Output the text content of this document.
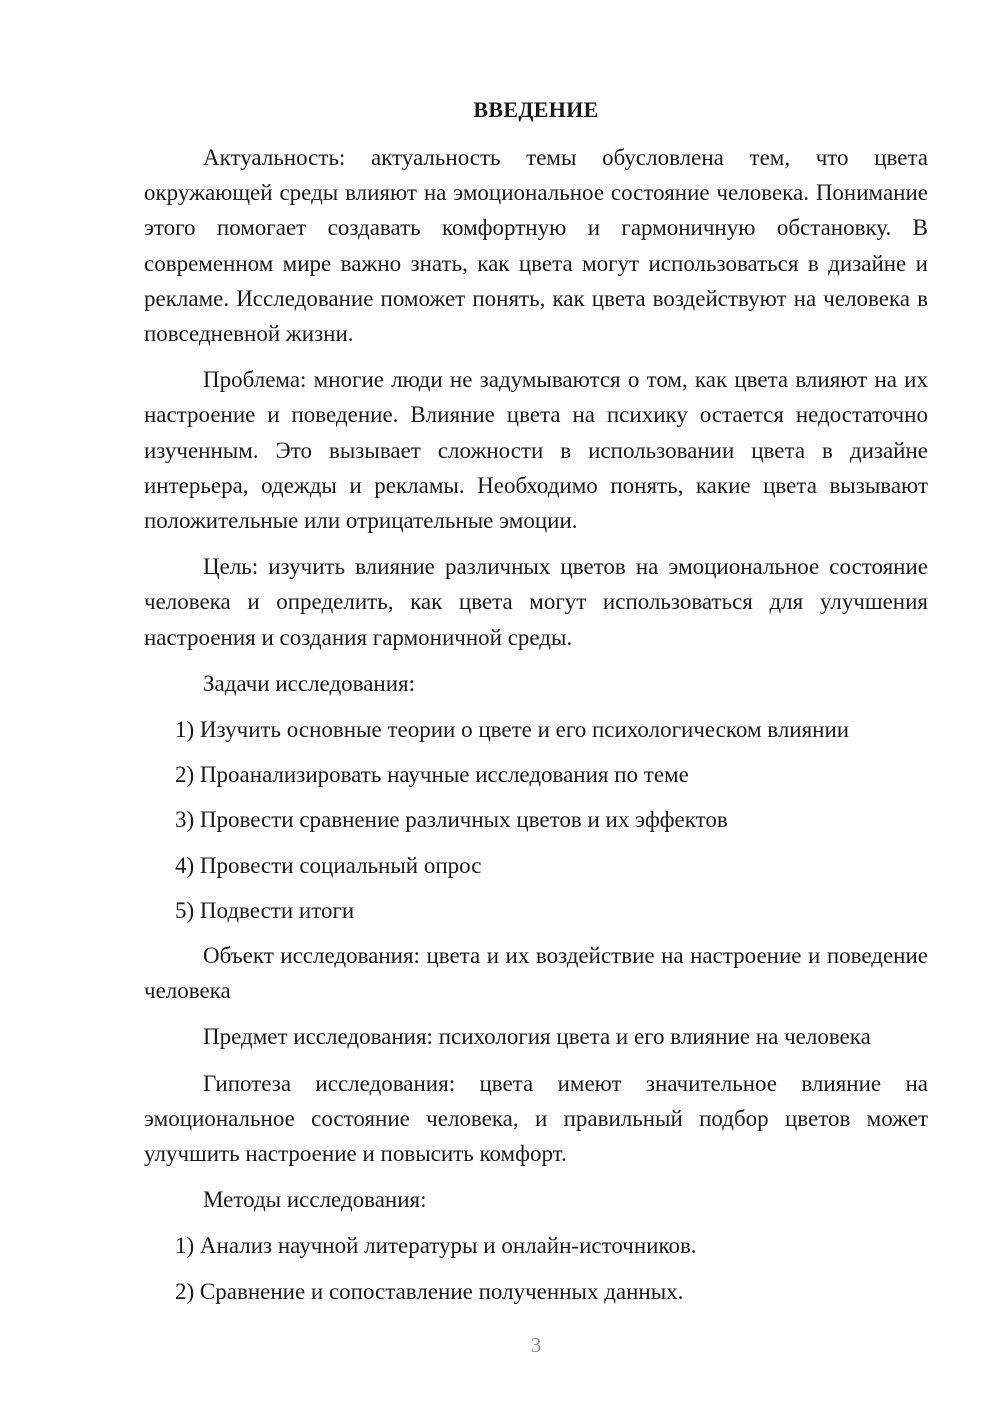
ВВЕДЕНИЕ

Актуальность: актуальность темы обусловлена тем, что цвета окружающей среды влияют на эмоциональное состояние человека. Понимание этого помогает создавать комфортную и гармоничную обстановку. В современном мире важно знать, как цвета могут использоваться в дизайне и рекламе. Исследование поможет понять, как цвета воздействуют на человека в повседневной жизни.

Проблема: многие люди не задумываются о том, как цвета влияют на их настроение и поведение. Влияние цвета на психику остается недостаточно изученным. Это вызывает сложности в использовании цвета в дизайне интерьера, одежды и рекламы. Необходимо понять, какие цвета вызывают положительные или отрицательные эмоции.

Цель: изучить влияние различных цветов на эмоциональное состояние человека и определить, как цвета могут использоваться для улучшения настроения и создания гармоничной среды.

Задачи исследования:

1) Изучить основные теории о цвете и его психологическом влиянии
2) Проанализировать научные исследования по теме
3) Провести сравнение различных цветов и их эффектов
4) Провести социальный опрос
5) Подвести итоги

Объект исследования: цвета и их воздействие на настроение и поведение человека

Предмет исследования: психология цвета и его влияние на человека

Гипотеза исследования: цвета имеют значительное влияние на эмоциональное состояние человека, и правильный подбор цветов может улучшить настроение и повысить комфорт.

Методы исследования:

1) Анализ научной литературы и онлайн-источников.
2) Сравнение и сопоставление полученных данных.
3
